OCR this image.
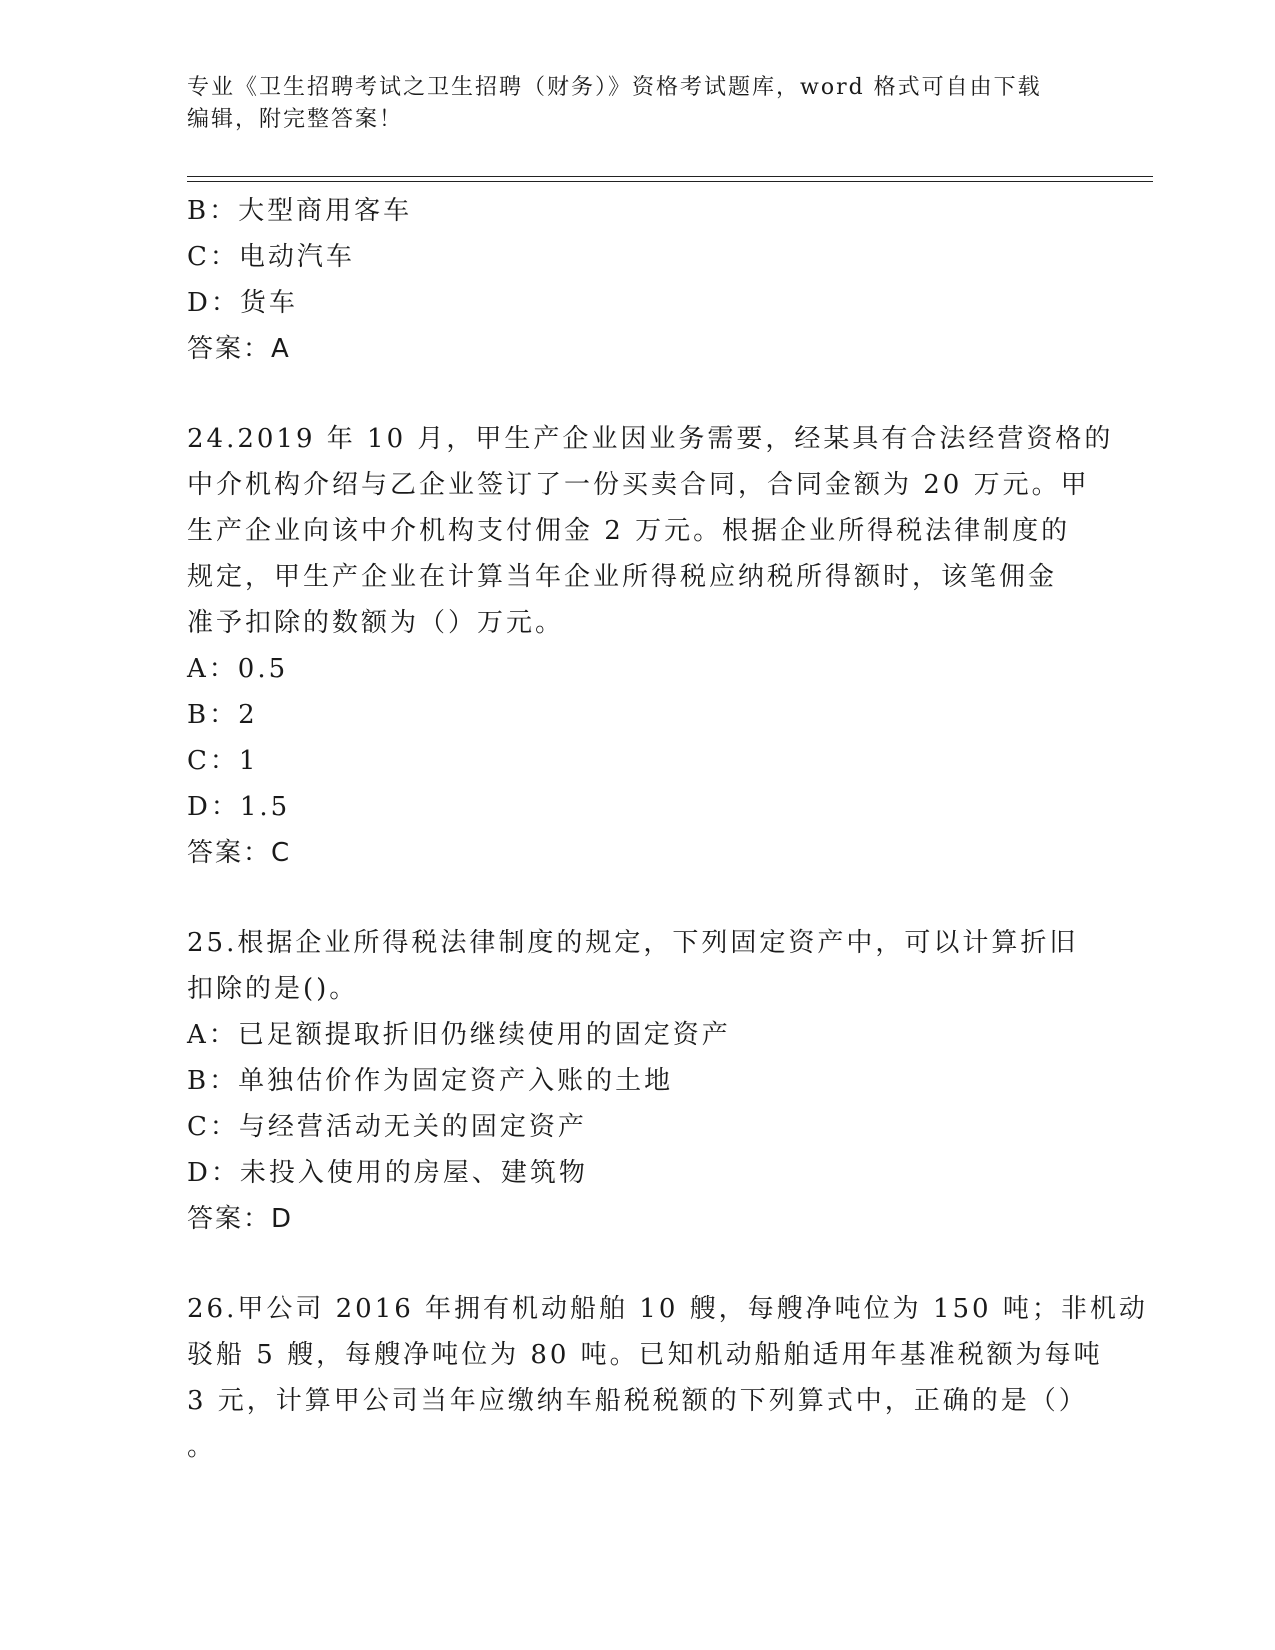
专业《卫生招聘考试之卫生招聘（财务）》资格考试题库，word 格式可自由下载
编辑，附完整答案！
B：大型商用客车
C：电动汽车
D：货车
答案：A
24.2019 年 10 月，甲生产企业因业务需要，经某具有合法经营资格的
中介机构介绍与乙企业签订了一份买卖合同，合同金额为 20 万元。甲
生产企业向该中介机构支付佣金 2 万元。根据企业所得税法律制度的
规定，甲生产企业在计算当年企业所得税应纳税所得额时，该笔佣金
准予扣除的数额为（）万元。
A：0.5
B：2
C：1
D：1.5
答案：C
25.根据企业所得税法律制度的规定，下列固定资产中，可以计算折旧
扣除的是()。
A：已足额提取折旧仍继续使用的固定资产
B：单独估价作为固定资产入账的土地
C：与经营活动无关的固定资产
D：未投入使用的房屋、建筑物
答案：D
26.甲公司 2016 年拥有机动船舶 10 艘，每艘净吨位为 150 吨；非机动
驳船 5 艘，每艘净吨位为 80 吨。已知机动船舶适用年基准税额为每吨
3 元，计算甲公司当年应缴纳车船税税额的下列算式中，正确的是（）
。
